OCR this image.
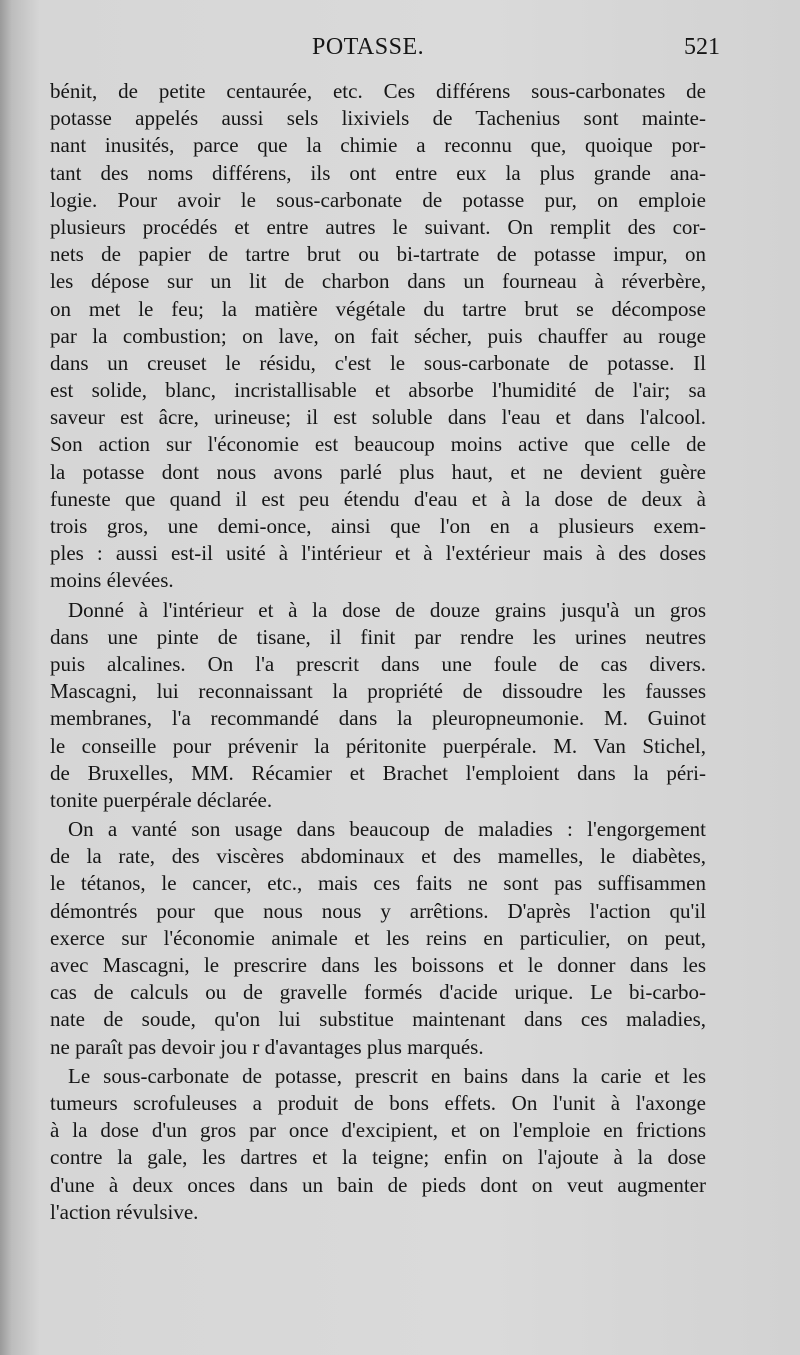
POTASSE.	521
bénit, de petite centaurée, etc. Ces différens sous-carbonates de
potasse appelés aussi sels lixiviels de Tachenius sont mainte-
nant inusités, parce que la chimie a reconnu que, quoique por-
tant des noms différens, ils ont entre eux la plus grande ana-
logie. Pour avoir le sous-carbonate de potasse pur, on emploie
plusieurs procédés et entre autres le suivant. On remplit des cor-
nets de papier de tartre brut ou bi-tartrate de potasse impur, on
les dépose sur un lit de charbon dans un fourneau à réverbère,
on met le feu; la matière végétale du tartre brut se décompose
par la combustion; on lave, on fait sécher, puis chauffer au rouge
dans un creuset le résidu, c'est le sous-carbonate de potasse. Il
est solide, blanc, incristallisable et absorbe l'humidité de l'air; sa
saveur est âcre, urineuse; il est soluble dans l'eau et dans l'alcool.
Son action sur l'économie est beaucoup moins active que celle de
la potasse dont nous avons parlé plus haut, et ne devient guère
funeste que quand il est peu étendu d'eau et à la dose de deux à
trois gros, une demi-once, ainsi que l'on en a plusieurs exem-
ples : aussi est-il usité à l'intérieur et à l'extérieur mais à des doses
moins élevées.
Donné à l'intérieur et à la dose de douze grains jusqu'à un gros
dans une pinte de tisane, il finit par rendre les urines neutres
puis alcalines. On l'a prescrit dans une foule de cas divers.
Mascagni, lui reconnaissant la propriété de dissoudre les fausses
membranes, l'a recommandé dans la pleuropneumonie. M. Guinot
le conseille pour prévenir la péritonite puerpérale. M. Van Stichel,
de Bruxelles, MM. Récamier et Brachet l'emploient dans la péri-
tonite puerpérale déclarée.
On a vanté son usage dans beaucoup de maladies : l'engorgement
de la rate, des viscères abdominaux et des mamelles, le diabètes,
le tétanos, le cancer, etc., mais ces faits ne sont pas suffisammen
démontrés pour que nous nous y arrêtions. D'après l'action qu'il
exerce sur l'économie animale et les reins en particulier, on peut,
avec Mascagni, le prescrire dans les boissons et le donner dans les
cas de calculs ou de gravelle formés d'acide urique. Le bi-carbo-
nate de soude, qu'on lui substitue maintenant dans ces maladies,
ne paraît pas devoir jou r d'avantages plus marqués.
Le sous-carbonate de potasse, prescrit en bains dans la carie et les
tumeurs scrofuleuses a produit de bons effets. On l'unit à l'axonge
à la dose d'un gros par once d'excipient, et on l'emploie en frictions
contre la gale, les dartres et la teigne; enfin on l'ajoute à la dose
d'une à deux onces dans un bain de pieds dont on veut augmenter
l'action révulsive.
